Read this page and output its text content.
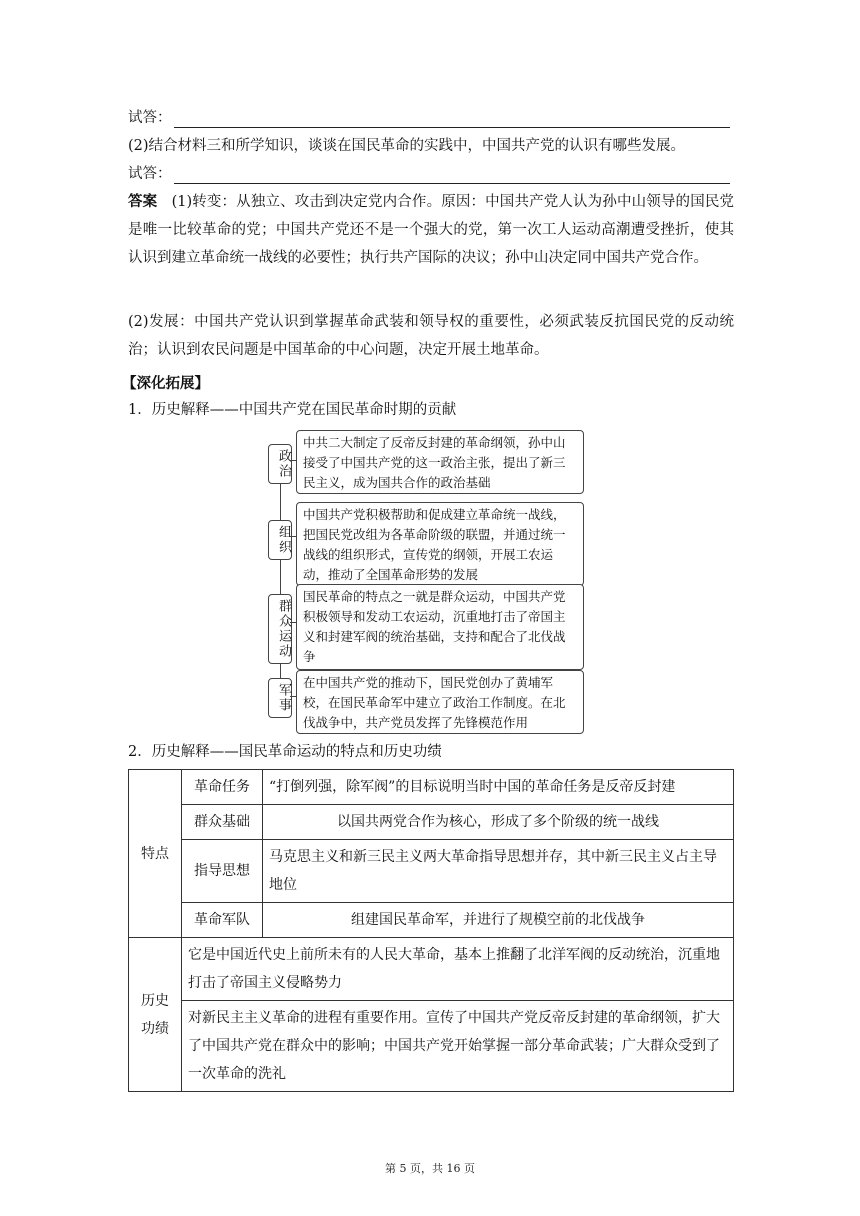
试答：
(2)结合材料三和所学知识，谈谈在国民革命的实践中，中国共产党的认识有哪些发展。
试答：
答案 (1)转变：从独立、攻击到决定党内合作。原因：中国共产党人认为孙中山领导的国民党是唯一比较革命的党；中国共产党还不是一个强大的党，第一次工人运动高潮遭受挫折，使其认识到建立革命统一战线的必要性；执行共产国际的决议；孙中山决定同中国共产党合作。
(2)发展：中国共产党认识到掌握革命武装和领导权的重要性，必须武装反抗国民党的反动统治；认识到农民问题是中国革命的中心问题，决定开展土地革命。
【深化拓展】
1．历史解释——中国共产党在国民革命时期的贡献
政治
中共二大制定了反帝反封建的革命纲领，孙中山接受了中国共产党的这一政治主张，提出了新三民主义，成为国共合作的政治基础
组织
中国共产党积极帮助和促成建立革命统一战线，把国民党改组为各革命阶级的联盟，并通过统一战线的组织形式，宣传党的纲领，开展工农运动，推动了全国革命形势的发展
群众运动
国民革命的特点之一就是群众运动，中国共产党积极领导和发动工农运动，沉重地打击了帝国主义和封建军阀的统治基础，支持和配合了北伐战争
军事
在中国共产党的推动下，国民党创办了黄埔军校，在国民革命军中建立了政治工作制度。在北伐战争中，共产党员发挥了先锋模范作用
2．历史解释——国民革命运动的特点和历史功绩
特点	革命任务	“打倒列强，除军阀”的目标说明当时中国的革命任务是反帝反封建
	群众基础	以国共两党合作为核心，形成了多个阶级的统一战线
	指导思想	马克思主义和新三民主义两大革命指导思想并存，其中新三民主义占主导地位
	革命军队	组建国民革命军，并进行了规模空前的北伐战争
历史功绩	它是中国近代史上前所未有的人民大革命，基本上推翻了北洋军阀的反动统治，沉重地打击了帝国主义侵略势力	
	对新民主主义革命的进程有重要作用。宣传了中国共产党反帝反封建的革命纲领，扩大了中国共产党在群众中的影响；中国共产党开始掌握一部分革命武装；广大群众受到了一次革命的洗礼	
第 5 页，共 16 页
